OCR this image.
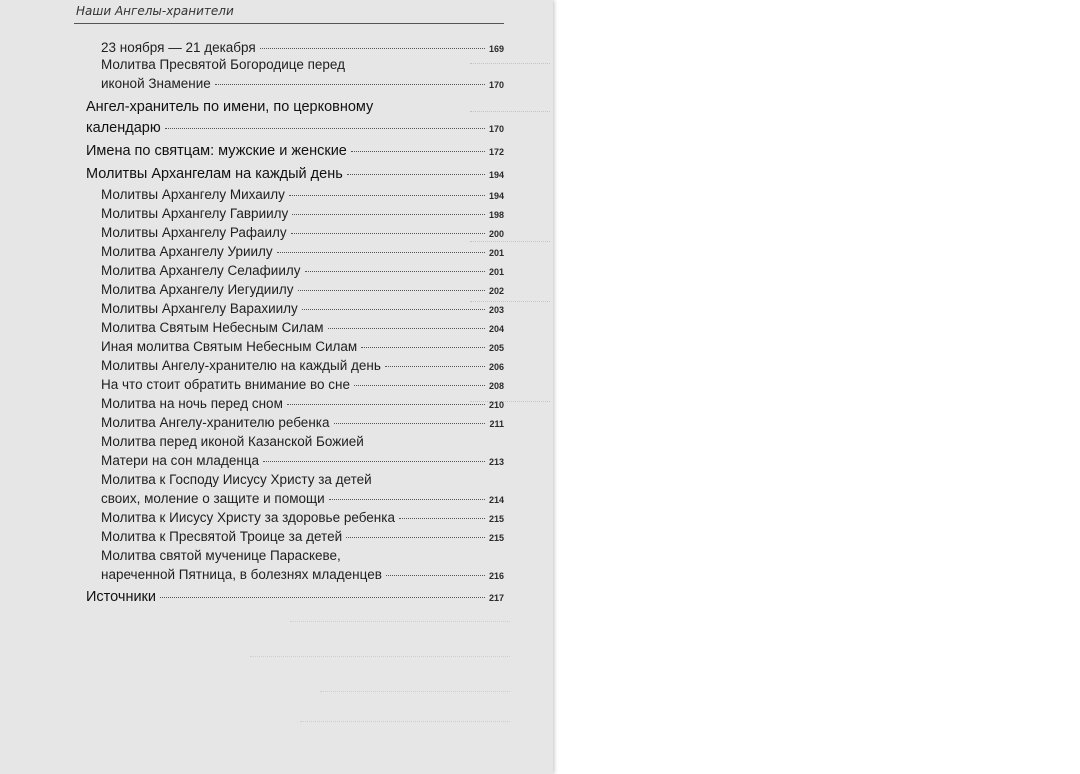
Наши Ангелы-хранители
23 ноября — 21 декабря	169
Молитва Пресвятой Богородице перед
иконой Знамение	170
Ангел-хранитель по имени, по церковному
календарю	170
Имена по святцам: мужские и женские	172
Молитвы Архангелам на каждый день	194
Молитвы Архангелу Михаилу	194
Молитвы Архангелу Гавриилу	198
Молитвы Архангелу Рафаилу	200
Молитва Архангелу Уриилу	201
Молитва Архангелу Селафиилу	201
Молитва Архангелу Иегудиилу	202
Молитвы Архангелу Варахиилу	203
Молитва Святым Небесным Силам	204
Иная молитва Святым Небесным Силам	205
Молитвы Ангелу-хранителю на каждый день	206
На что стоит обратить внимание во сне	208
Молитва на ночь перед сном	210
Молитва Ангелу-хранителю ребенка	211
Молитва перед иконой Казанской Божией
Матери на сон младенца	213
Молитва к Господу Иисусу Христу за детей
своих, моление о защите и помощи	214
Молитва к Иисусу Христу за здоровье ребенка	215
Молитва к Пресвятой Троице за детей	215
Молитва святой мученице Параскеве,
нареченной Пятница, в болезнях младенцев	216
Источники	217
